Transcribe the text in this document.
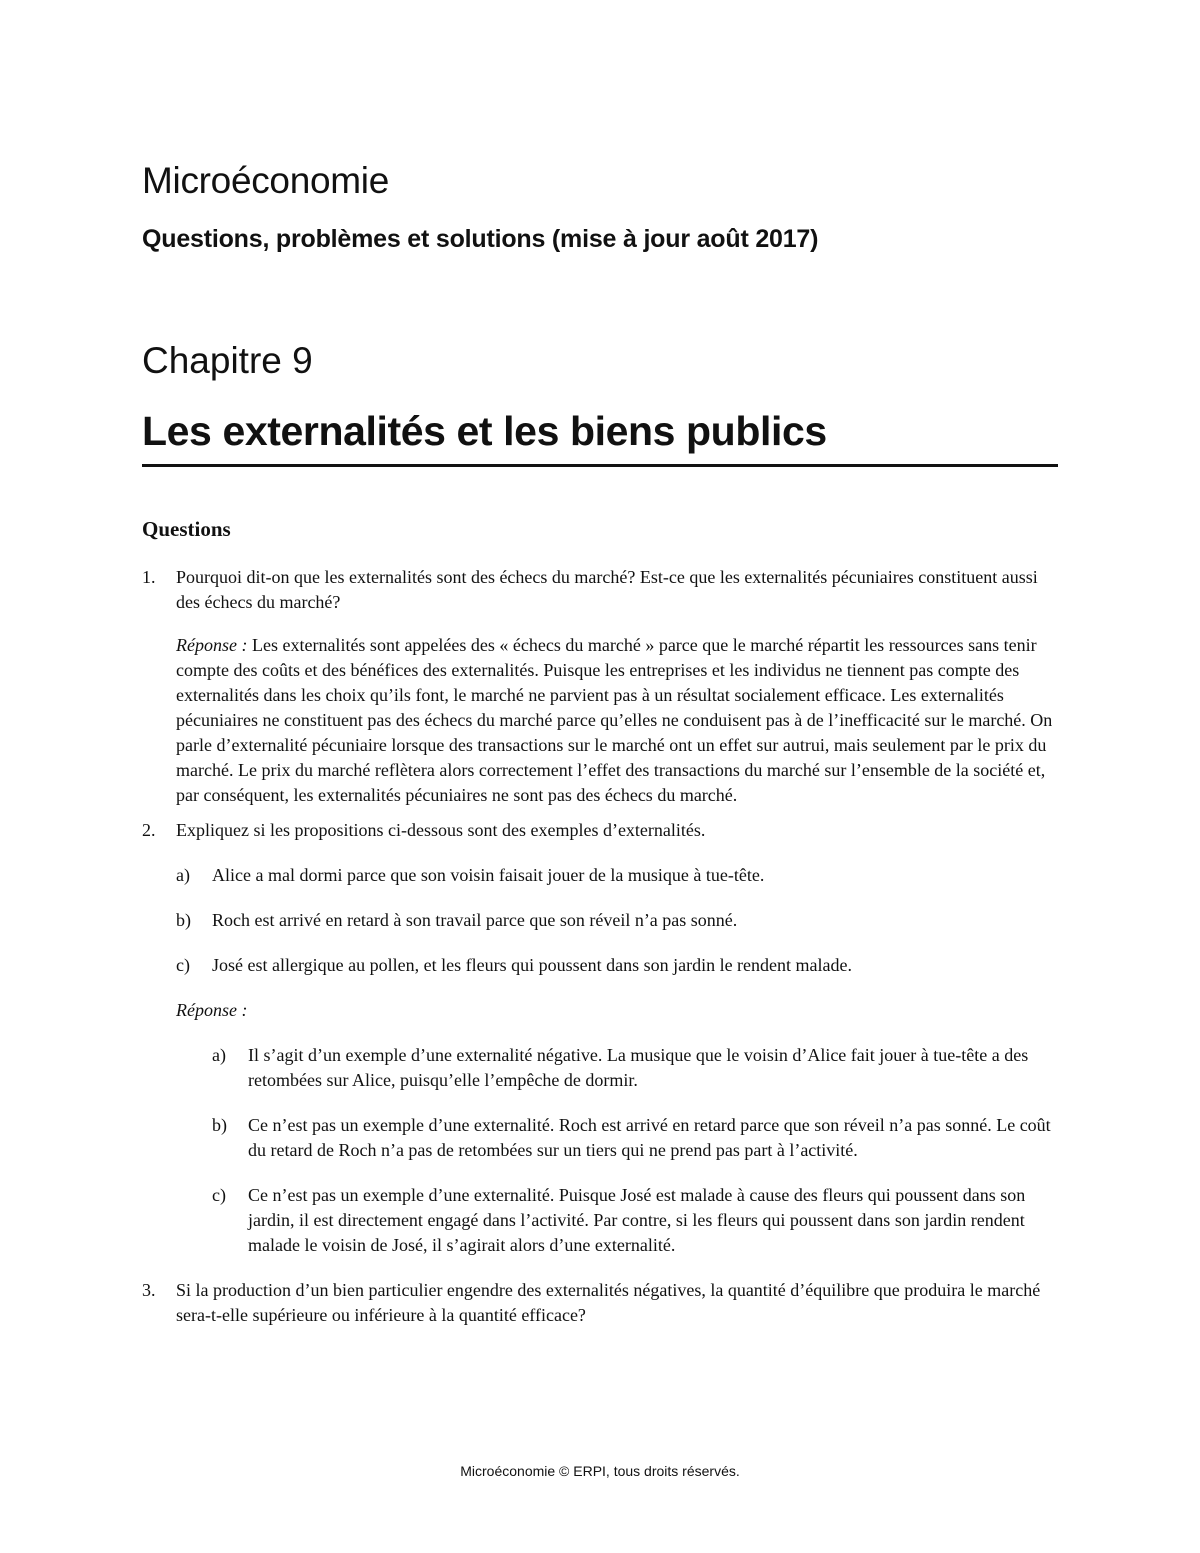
Microéconomie
Questions, problèmes et solutions (mise à jour août 2017)
Chapitre 9
Les externalités et les biens publics
Questions
1. Pourquoi dit-on que les externalités sont des échecs du marché? Est-ce que les externalités pécuniaires constituent aussi des échecs du marché?

Réponse : Les externalités sont appelées des « échecs du marché » parce que le marché répartit les ressources sans tenir compte des coûts et des bénéfices des externalités. Puisque les entreprises et les individus ne tiennent pas compte des externalités dans les choix qu’ils font, le marché ne parvient pas à un résultat socialement efficace. Les externalités pécuniaires ne constituent pas des échecs du marché parce qu’elles ne conduisent pas à de l’inefficacité sur le marché. On parle d’externalité pécuniaire lorsque des transactions sur le marché ont un effet sur autrui, mais seulement par le prix du marché. Le prix du marché reflètera alors correctement l’effet des transactions du marché sur l’ensemble de la société et, par conséquent, les externalités pécuniaires ne sont pas des échecs du marché.

2. Expliquez si les propositions ci-dessous sont des exemples d’externalités.

a) Alice a mal dormi parce que son voisin faisait jouer de la musique à tue-tête.
b) Roch est arrivé en retard à son travail parce que son réveil n’a pas sonné.
c) José est allergique au pollen, et les fleurs qui poussent dans son jardin le rendent malade.

Réponse :

a) Il s’agit d’un exemple d’une externalité négative. La musique que le voisin d’Alice fait jouer à tue-tête a des retombées sur Alice, puisqu’elle l’empêche de dormir.
b) Ce n’est pas un exemple d’une externalité. Roch est arrivé en retard parce que son réveil n’a pas sonné. Le coût du retard de Roch n’a pas de retombées sur un tiers qui ne prend pas part à l’activité.
c) Ce n’est pas un exemple d’une externalité. Puisque José est malade à cause des fleurs qui poussent dans son jardin, il est directement engagé dans l’activité. Par contre, si les fleurs qui poussent dans son jardin rendent malade le voisin de José, il s’agirait alors d’une externalité.
3. Si la production d’un bien particulier engendre des externalités négatives, la quantité d’équilibre que produira le marché sera-t-elle supérieure ou inférieure à la quantité efficace?

Microéconomie © ERPI, tous droits réservés.
